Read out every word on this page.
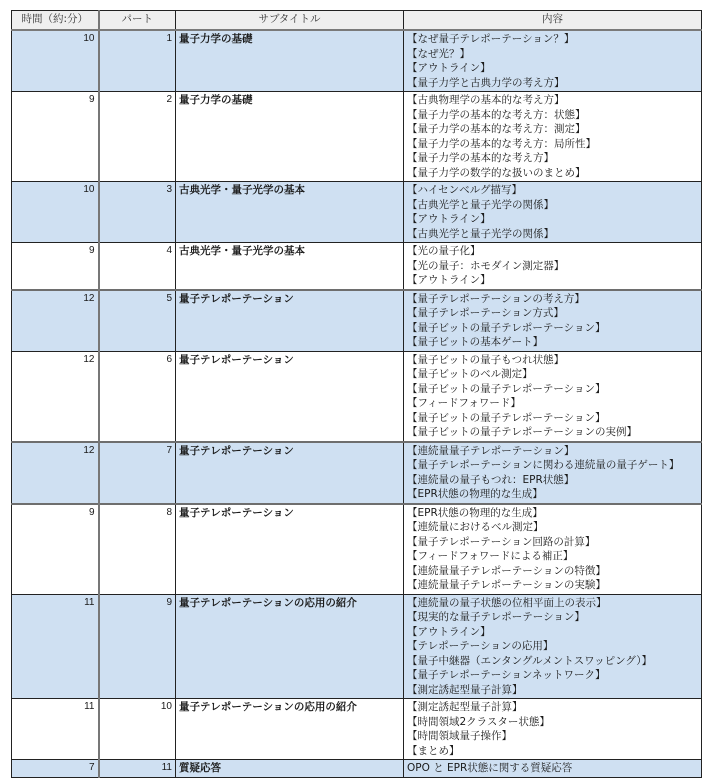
時間（約:分）	パート	サブタイトル	内容
10	1	量子力学の基礎	【なぜ量子テレポーテーション？】
【なぜ光？】
【アウトライン】
【量子力学と古典力学の考え方】

9	2	量子力学の基礎	【古典物理学の基本的な考え方】
【量子力学の基本的な考え方：状態】
【量子力学の基本的な考え方：測定】
【量子力学の基本的な考え方：局所性】
【量子力学の基本的な考え方】
【量子力学の数学的な扱いのまとめ】

10	3	古典光学・量子光学の基本	【ハイセンベルグ描写】
【古典光学と量子光学の関係】
【アウトライン】
【古典光学と量子光学の関係】

9	4	古典光学・量子光学の基本	【光の量子化】
【光の量子：ホモダイン測定器】
【アウトライン】

12	5	量子テレポーテーション	【量子テレポーテーションの考え方】
【量子テレポーテーション方式】
【量子ビットの量子テレポーテーション】
【量子ビットの基本ゲート】

12	6	量子テレポーテーション	【量子ビットの量子もつれ状態】
【量子ビットのベル測定】
【量子ビットの量子テレポーテーション】
【フィードフォワード】
【量子ビットの量子テレポーテーション】
【量子ビットの量子テレポーテーションの実例】

12	7	量子テレポーテーション	【連続量量子テレポーテーション】
【量子テレポーテーションに関わる連続量の量子ゲート】
【連続量の量子もつれ：EPR状態】
【EPR状態の物理的な生成】

9	8	量子テレポーテーション	【EPR状態の物理的な生成】
【連続量におけるベル測定】
【量子テレポーテーション回路の計算】
【フィードフォワードによる補正】
【連続量量子テレポーテーションの特徴】
【連続量量子テレポーテーションの実験】

11	9	量子テレポーテーションの応用の紹介	【連続量の量子状態の位相平面上の表示】
【現実的な量子テレポーテーション】
【アウトライン】
【テレポーテーションの応用】
【量子中継器（エンタングルメントスワッピング）】
【量子テレポーテーションネットワーク】
【測定誘起型量子計算】

11	10	量子テレポーテーションの応用の紹介	【測定誘起型量子計算】
【時間領域2クラスター状態】
【時間領域量子操作】
【まとめ】

7	11	質疑応答	OPO と EPR状態に関する質疑応答
